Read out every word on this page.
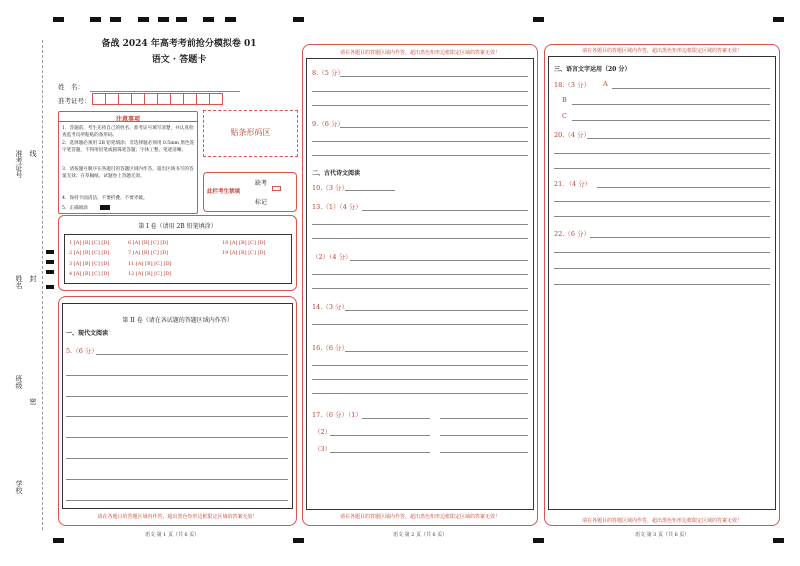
准考证号 线
姓名 封
班级
密
学校
备战 2024 年高考考前抢分模拟卷 01
语文 · 答题卡
姓　名：
准考证号：
注意事项
1．答题前，考生先将自己的姓名、准考证号填写清楚，并认真检查监考员所粘贴的条形码。
2．选择题必须用 2B 铅笔填涂；非选择题必须用 0.5mm 黑色签字笔答题，不得用铅笔或圆珠笔答题；字体工整、笔迹清晰。
3．请按题号顺序在各题目的答题区域内作答，超出区域书写的答案无效；在草稿纸、试题卷上答题无效。
4．保持卡面清洁，不要折叠、不要弄破。
5．正确填涂
贴条形码区
缺考
此栏考生禁填
标记
第 I 卷（请用 2B 铅笔填涂）
1 [A] [B] [C] [D]
2 [A] [B] [C] [D]
3 [A] [B] [C] [D]
4 [A] [B] [C] [D]
6 [A] [B] [C] [D]
7 [A] [B] [C] [D]
11 [A] [B] [C] [D]
12 [A] [B] [C] [D]
18 [A] [B] [C] [D]
19 [A] [B] [C] [D]
第 II 卷（请在各试题的答题区域内作答）
一、现代文阅读
5.（6 分）
请在各题目的答题区域内作答，超出黑色矩形边框限定区域的答案无效！
语文 第 1 页（共 6 页）
请在各题目的答题区域内作答，超出黑色矩形边框限定区域的答案无效！
8.（5 分）
9.（6 分）
二、古代诗文阅读
10.（3 分）
13.（1）（4 分）
（2）（4 分）
14.（3 分）
16.（6 分）
17.（6 分）（1）
（2）
（3）
请在各题目的答题区域内作答，超出黑色矩形边框限定区域的答案无效！
语文 第 2 页（共 6 页）
请在各题目的答题区域内作答，超出黑色矩形边框限定区域的答案无效！
三、语言文字运用（20 分）
18.（3 分） A
B
C
20.（4 分）
21．（4 分）
22.（6 分）
请在各题目的答题区域内作答，超出黑色矩形边框限定区域的答案无效！
语文 第 3 页（共 6 页）
